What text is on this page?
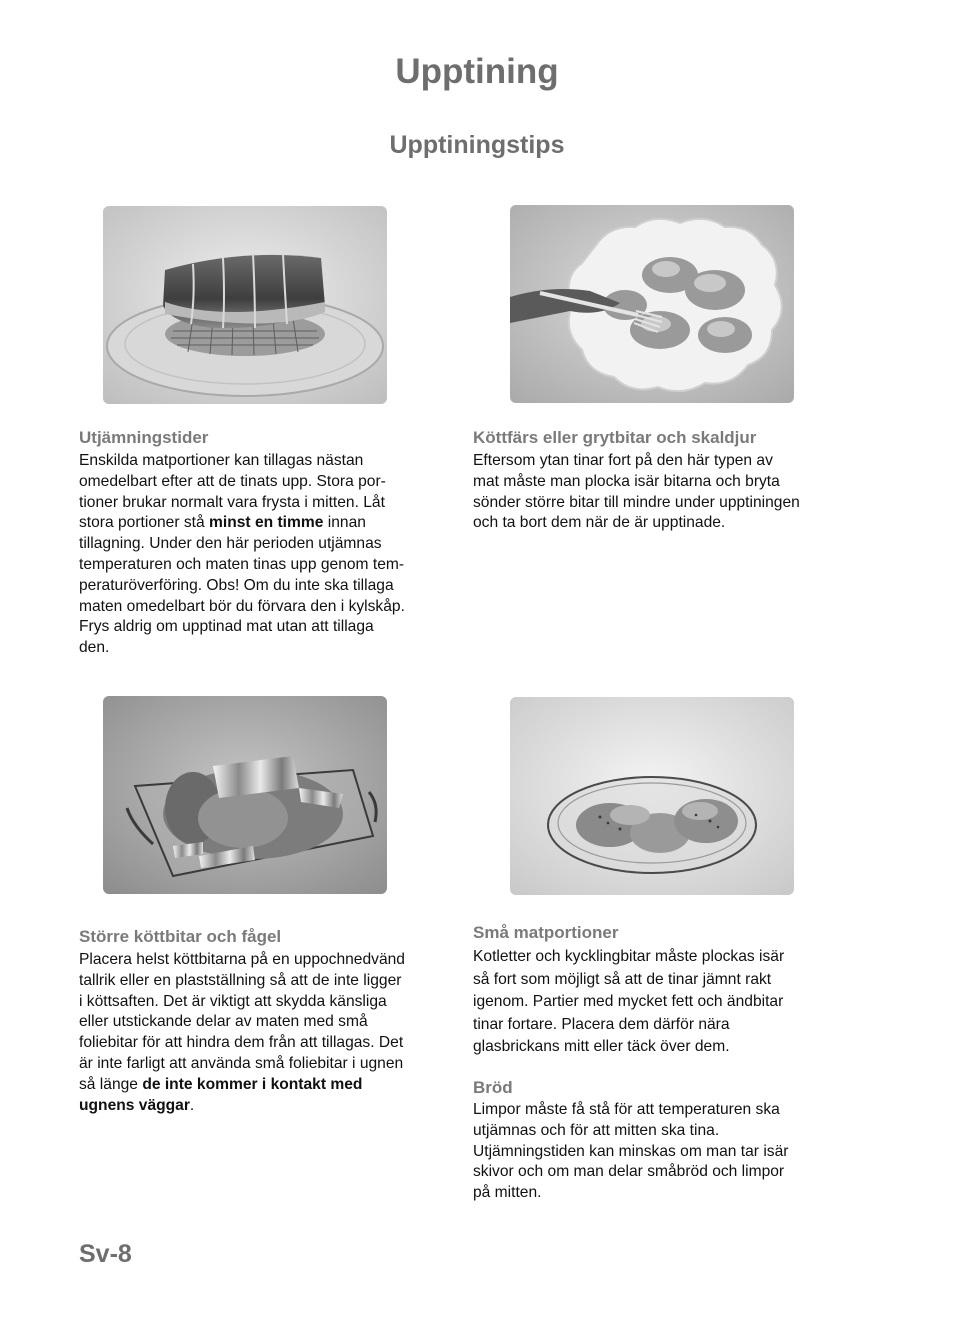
Upptining
Upptiningstips
Utjämningstider
Enskilda matportioner kan tillagas nästan
omedelbart efter att de tinats upp. Stora por-
tioner brukar normalt vara frysta i mitten. Låt
stora portioner stå minst en timme innan
tillagning. Under den här perioden utjämnas
temperaturen och maten tinas upp genom tem-
peraturöverföring. Obs! Om du inte ska tillaga
maten omedelbart bör du förvara den i kylskåp.
Frys aldrig om upptinad mat utan att tillaga
den.
Köttfärs eller grytbitar och skaldjur
Eftersom ytan tinar fort på den här typen av
mat måste man plocka isär bitarna och bryta
sönder större bitar till mindre under upptiningen
och ta bort dem när de är upptinade.
Större köttbitar och fågel
Placera helst köttbitarna på en uppochnedvänd
tallrik eller en plastställning så att de inte ligger
i köttsaften. Det är viktigt att skydda känsliga
eller utstickande delar av maten med små
foliebitar för att hindra dem från att tillagas. Det
är inte farligt att använda små foliebitar i ugnen
så länge de inte kommer i kontakt med
ugnens väggar.
Små matportioner
Kotletter och kycklingbitar måste plockas isär
så fort som möjligt så att de tinar jämnt rakt
igenom. Partier med mycket fett och ändbitar
tinar fortare. Placera dem därför nära
glasbrickans mitt eller täck över dem.
Bröd
Limpor måste få stå för att temperaturen ska
utjämnas och för att mitten ska tina.
Utjämningstiden kan minskas om man tar isär
skivor och om man delar småbröd och limpor
på mitten.
Sv-8
